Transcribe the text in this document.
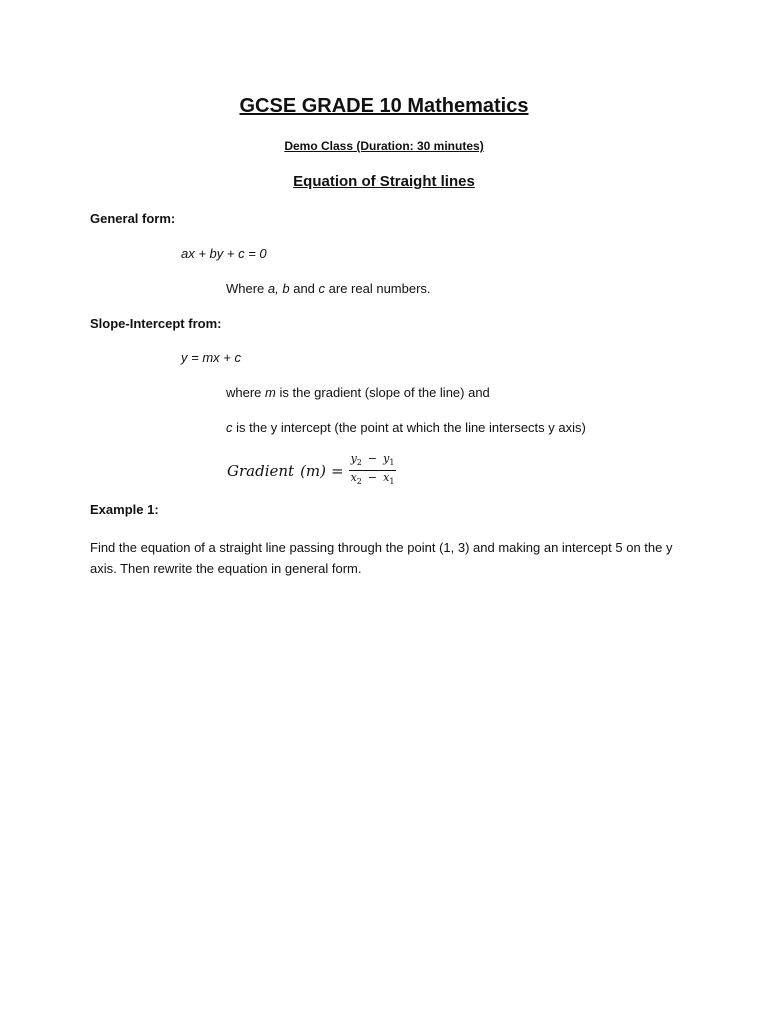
GCSE GRADE 10 Mathematics
Demo Class (Duration: 30 minutes)
Equation of Straight lines
General form:
ax + by + c = 0
Where a, b and c are real numbers.
Slope-Intercept from:
y = mx + c
where m is the gradient (slope of the line) and
c is the y intercept (the point at which the line intersects y axis)
Gradient $(m) = \frac{y_2 - y_1}{x_2 - x_1}$
Example 1:
Find the equation of a straight line passing through the point (1, 3) and making an intercept 5 on the y axis. Then rewrite the equation in general form.
